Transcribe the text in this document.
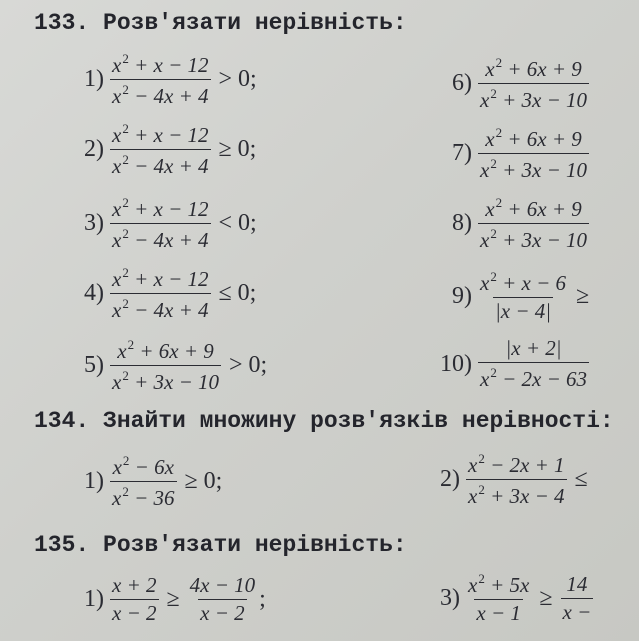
133. Розв'язати нерівність:
134. Знайти множину розв'язків нерівності:
135. Розв'язати нерівність:
$1) \frac{x^2 + x - 12}{x^2 - 4x + 4} > 0$;
$2) \frac{x^2 + x - 12}{x^2 - 4x + 4} \ge 0$;
$3) \frac{x^2 + x - 12}{x^2 - 4x + 4} < 0$;
$4) \frac{x^2 + x - 12}{x^2 - 4x + 4} \le 0$;
$5) \frac{x^2 + 6x + 9}{x^2 + 3x - 10} > 0$;
$6) \frac{x^2 + 6x + 9}{x^2 + 3x - 10}$
$7) \frac{x^2 + 6x + 9}{x^2 + 3x - 10}$
$8) \frac{x^2 + 6x + 9}{x^2 + 3x - 10}$
$9) \frac{x^2 + x - 6}{|x - 4|}$ ≥
$10) \frac{|x + 2|}{x^2 - 2x - 63}$
$1) \frac{x^2 - 6x}{x^2 - 36} \ge 0$;	$2) \frac{x^2 - 2x + 1}{x^2 + 3x - 4}$ ≤
$1) \frac{x + 2}{x - 2} \ge \frac{4x - 10}{x - 2}$ ;	$3) \frac{x^2 + 5x}{x - 1} \ge \frac{14}{x -}$
